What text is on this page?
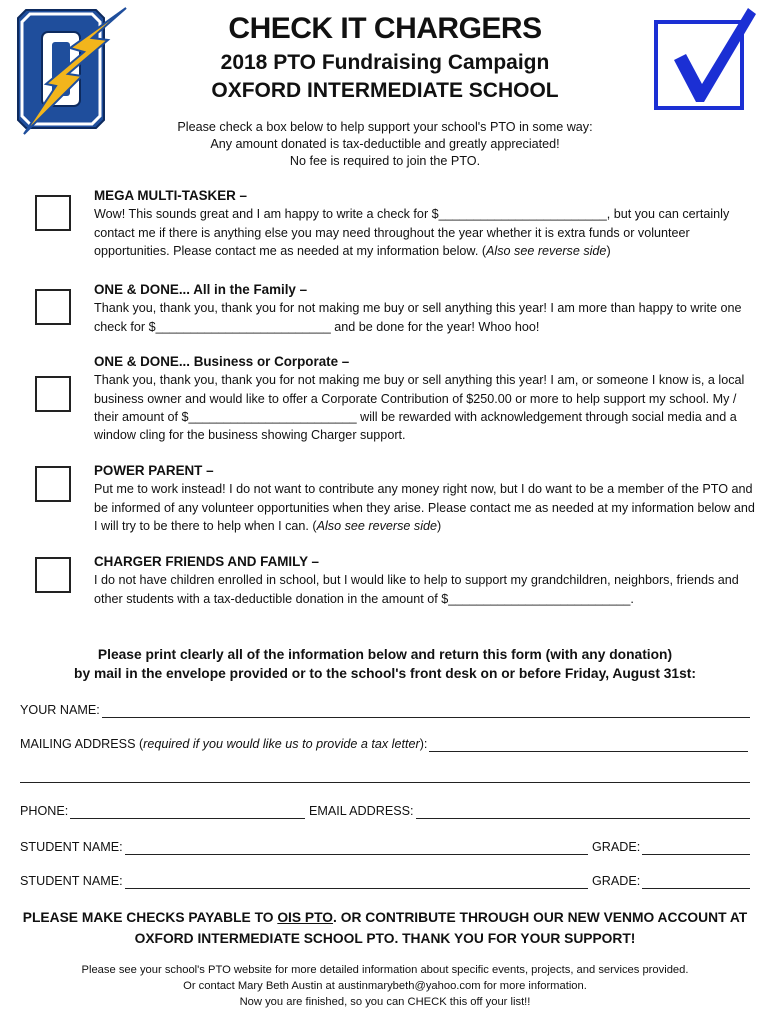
CHECK IT CHARGERS
2018 PTO Fundraising Campaign
OXFORD INTERMEDIATE SCHOOL
Please check a box below to help support your school's PTO in some way:
Any amount donated is tax-deductible and greatly appreciated!
No fee is required to join the PTO.
MEGA MULTI-TASKER –
Wow! This sounds great and I am happy to write a check for $________________________, but you can certainly contact me if there is anything else you may need throughout the year whether it is extra funds or volunteer opportunities. Please contact me as needed at my information below. (Also see reverse side)
ONE & DONE... All in the Family –
Thank you, thank you, thank you for not making me buy or sell anything this year! I am more than happy to write one check for $_________________________ and be done for the year! Whoo hoo!
ONE & DONE... Business or Corporate –
Thank you, thank you, thank you for not making me buy or sell anything this year! I am, or someone I know is, a local business owner and would like to offer a Corporate Contribution of $250.00 or more to help support my school. My / their amount of $________________________ will be rewarded with acknowledgement through social media and a window cling for the business showing Charger support.
POWER PARENT –
Put me to work instead! I do not want to contribute any money right now, but I do want to be a member of the PTO and be informed of any volunteer opportunities when they arise. Please contact me as needed at my information below and I will try to be there to help when I can. (Also see reverse side)
CHARGER FRIENDS AND FAMILY –
I do not have children enrolled in school, but I would like to help to support my grandchildren, neighbors, friends and other students with a tax-deductible donation in the amount of $__________________________.
Please print clearly all of the information below and return this form (with any donation)
by mail in the envelope provided or to the school's front desk on or before Friday, August 31st:
YOUR NAME:
MAILING ADDRESS (required if you would like us to provide a tax letter):
PHONE:	EMAIL ADDRESS:
STUDENT NAME:	GRADE:
STUDENT NAME:	GRADE:
PLEASE MAKE CHECKS PAYABLE TO OIS PTO. OR CONTRIBUTE THROUGH OUR NEW VENMO ACCOUNT AT OXFORD INTERMEDIATE SCHOOL PTO. THANK YOU FOR YOUR SUPPORT!
Please see your school's PTO website for more detailed information about specific events, projects, and services provided.
Or contact Mary Beth Austin at austinmarybeth@yahoo.com for more information.
Now you are finished, so you can CHECK this off your list!!
